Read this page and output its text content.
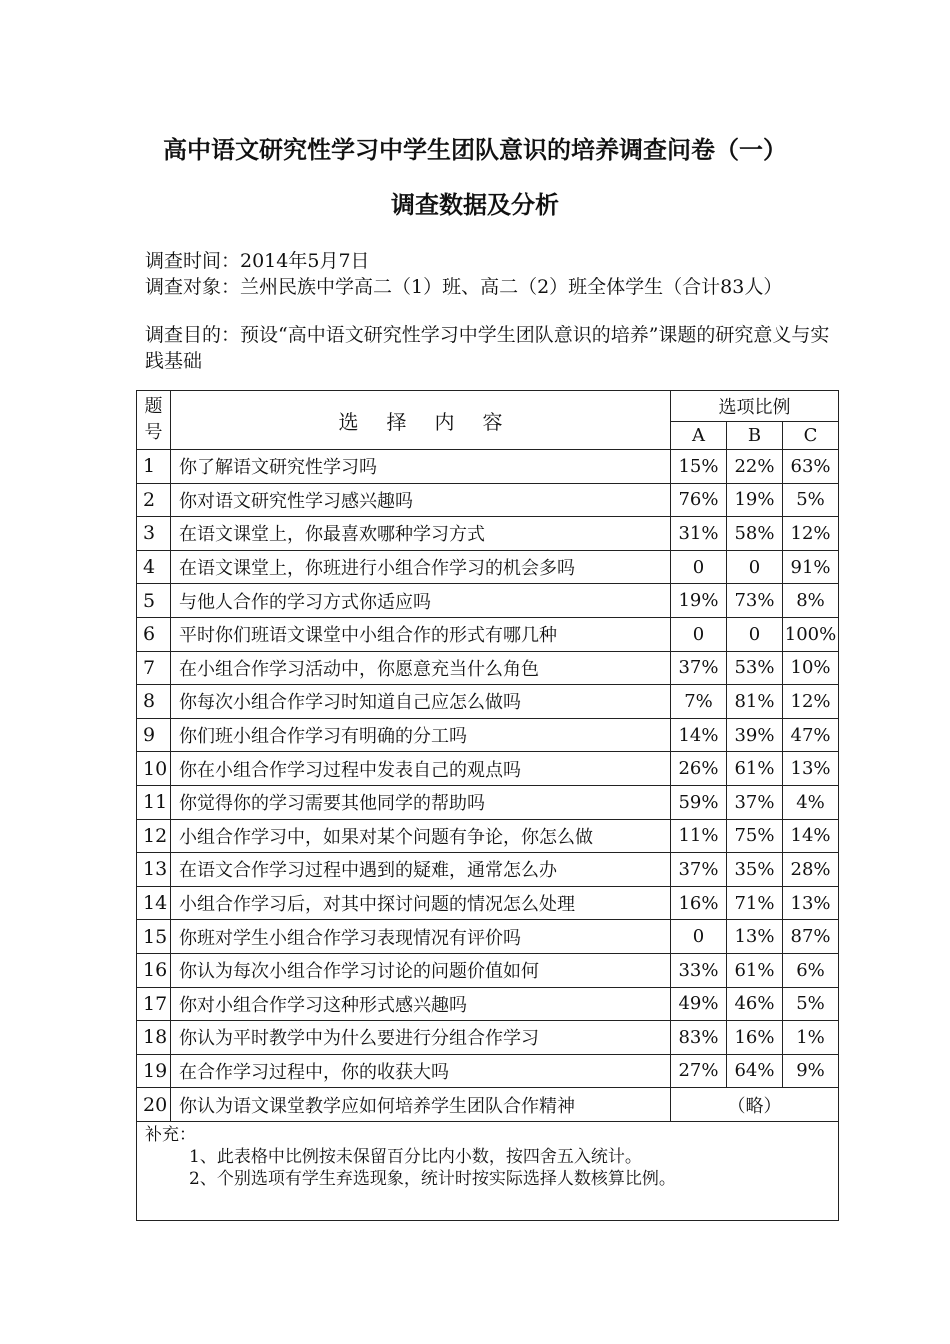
高中语文研究性学习中学生团队意识的培养调查问卷（一）
调查数据及分析
调查时间：2014年5月7日
调查对象：兰州民族中学高二（1）班、高二（2）班全体学生（合计83人）
调查目的：预设“高中语文研究性学习中学生团队意识的培养”课题的研究意义与实践基础
题号	选 择 内 容	选项比例		
		A	B	C
1	你了解语文研究性学习吗	15%	22%	63%
2	你对语文研究性学习感兴趣吗	76%	19%	5%
3	在语文课堂上，你最喜欢哪种学习方式	31%	58%	12%
4	在语文课堂上，你班进行小组合作学习的机会多吗	0	0	91%
5	与他人合作的学习方式你适应吗	19%	73%	8%
6	平时你们班语文课堂中小组合作的形式有哪几种	0	0	100%
7	在小组合作学习活动中，你愿意充当什么角色	37%	53%	10%
8	你每次小组合作学习时知道自己应怎么做吗	7%	81%	12%
9	你们班小组合作学习有明确的分工吗	14%	39%	47%
10	你在小组合作学习过程中发表自己的观点吗	26%	61%	13%
11	你觉得你的学习需要其他同学的帮助吗	59%	37%	4%
12	小组合作学习中，如果对某个问题有争论，你怎么做	11%	75%	14%
13	在语文合作学习过程中遇到的疑难，通常怎么办	37%	35%	28%
14	小组合作学习后，对其中探讨问题的情况怎么处理	16%	71%	13%
15	你班对学生小组合作学习表现情况有评价吗	0	13%	87%
16	你认为每次小组合作学习讨论的问题价值如何	33%	61%	6%
17	你对小组合作学习这种形式感兴趣吗	49%	46%	5%
18	你认为平时教学中为什么要进行分组合作学习	83%	16%	1%
19	在合作学习过程中，你的收获大吗	27%	64%	9%
20	你认为语文课堂教学应如何培养学生团队合作精神	（略）		

补充：
1、此表格中比例按未保留百分比内小数，按四舍五入统计。
2、个别选项有学生弃选现象，统计时按实际选择人数核算比例。				
